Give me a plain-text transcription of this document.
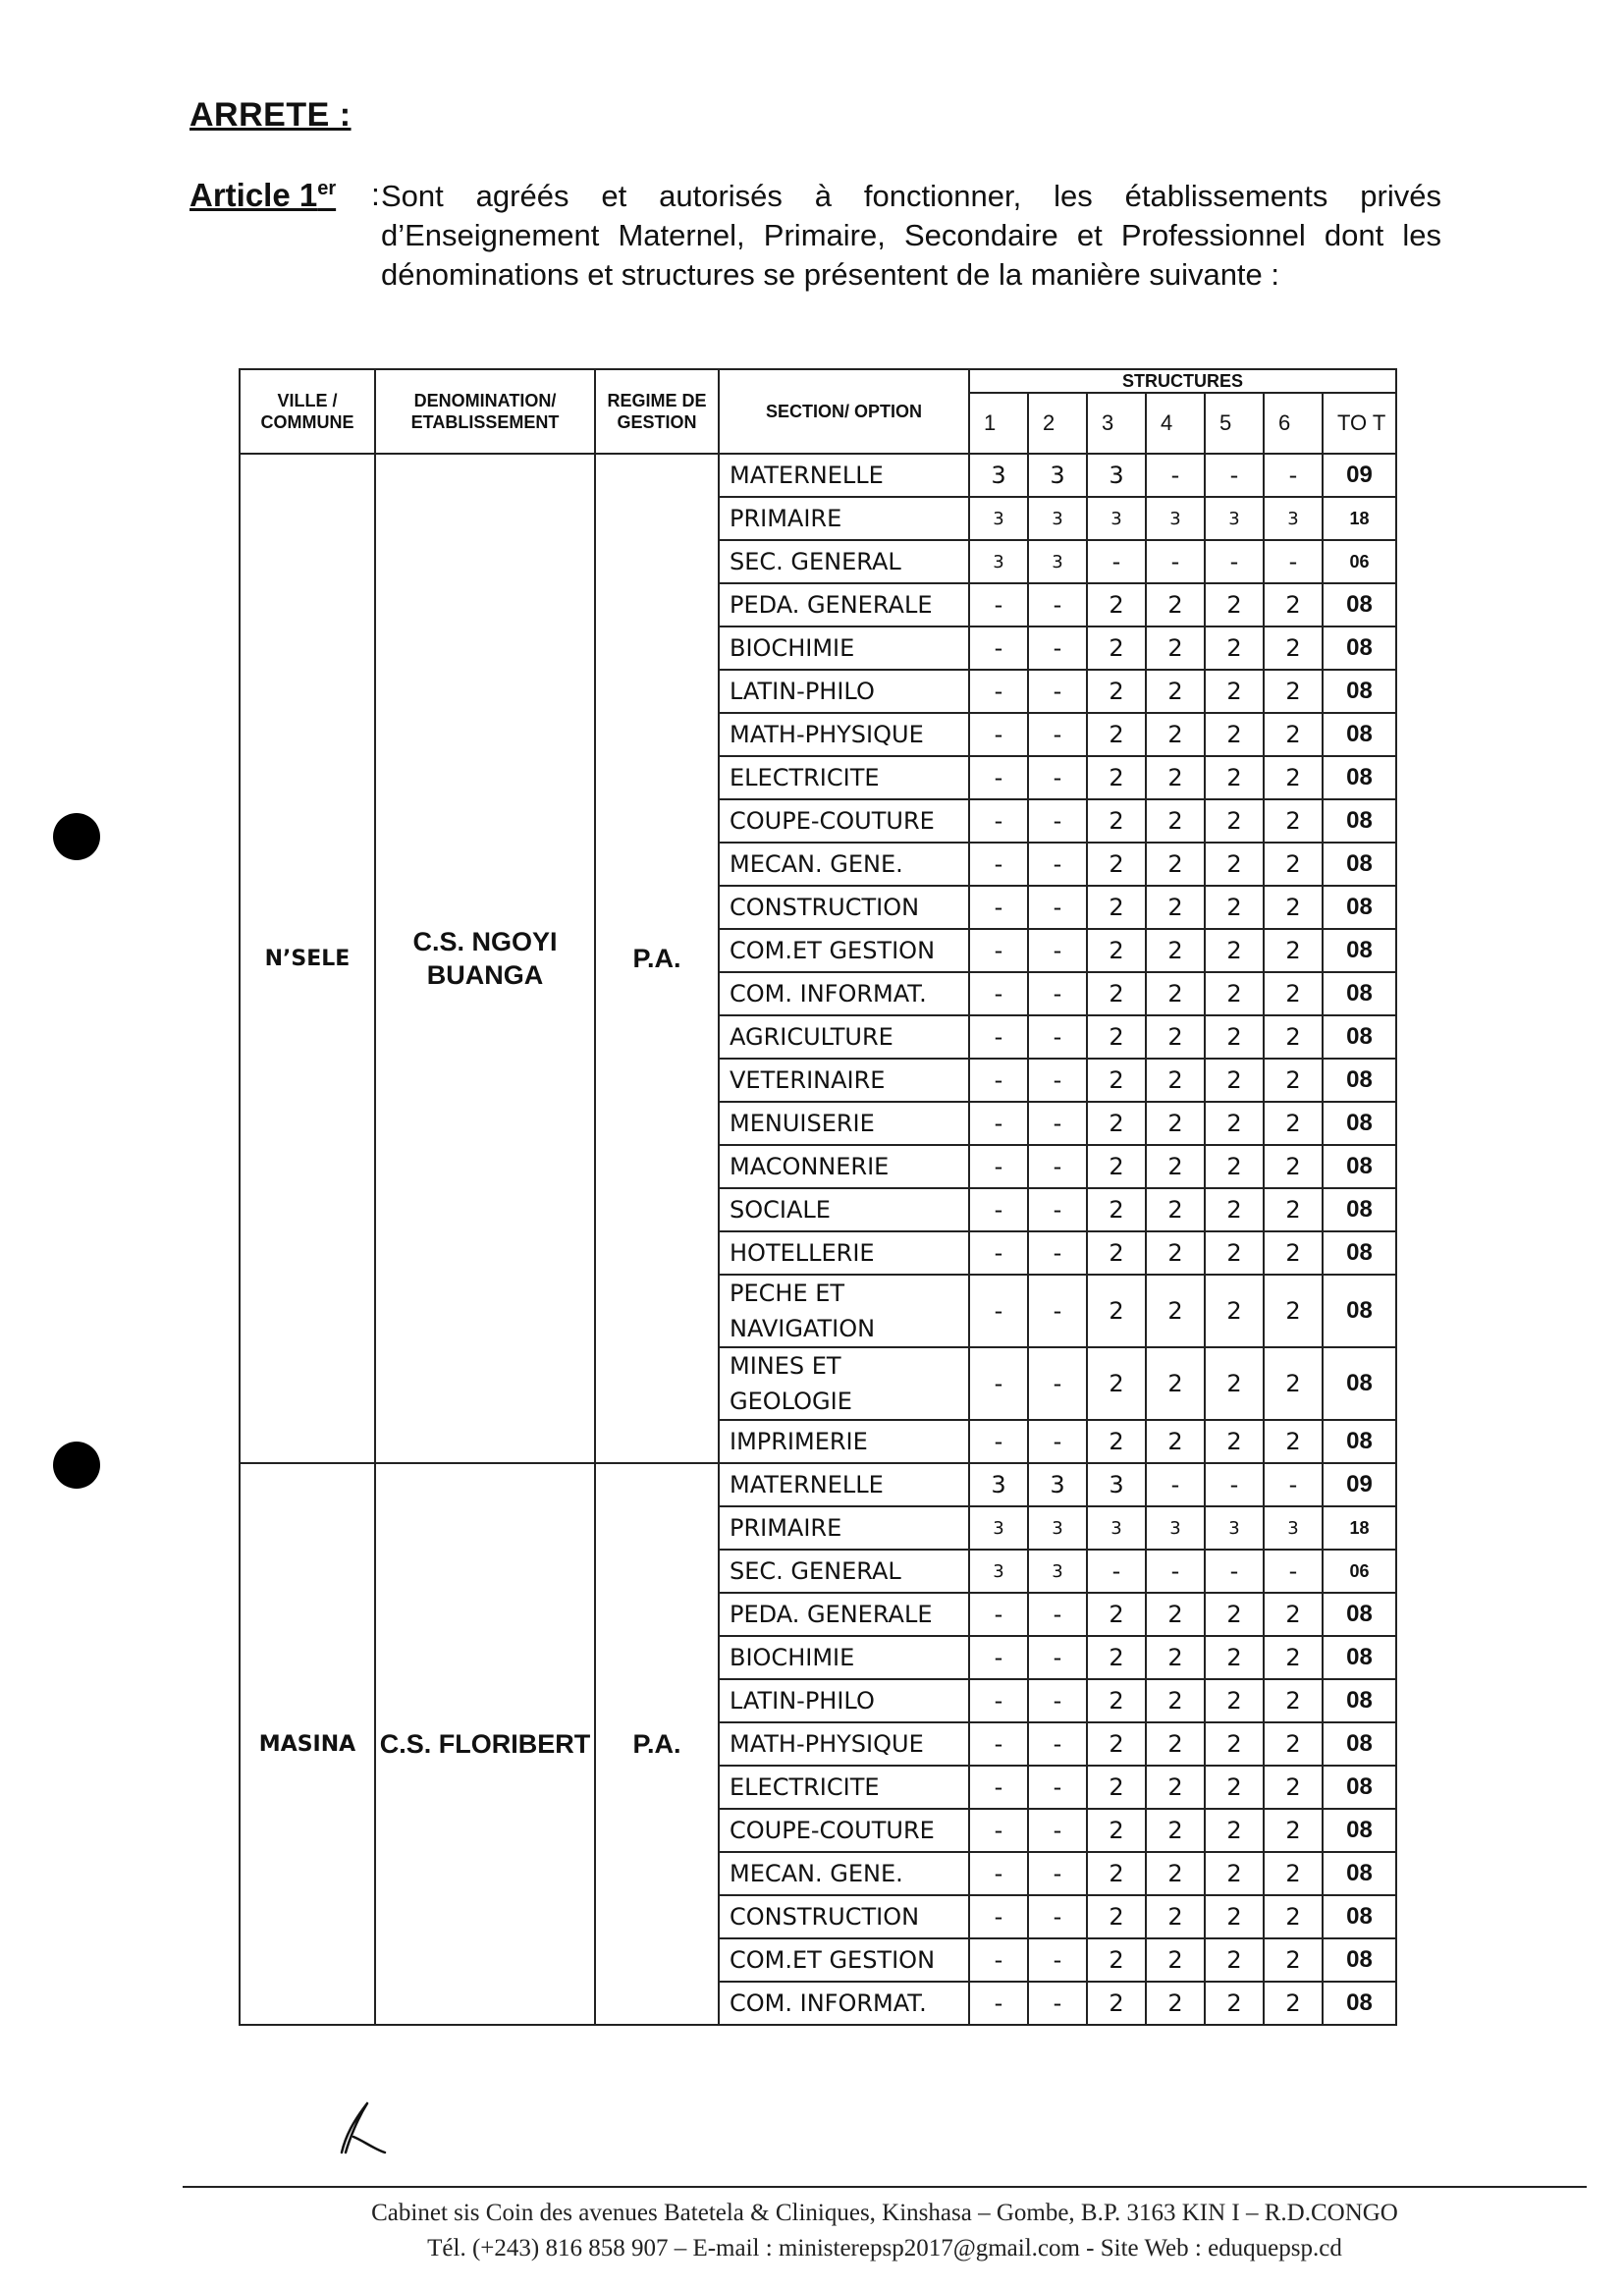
ARRETE :
Article 1er : Sont agréés et autorisés à fonctionner, les établissements privés d’Enseignement Maternel, Primaire, Secondaire et Professionnel dont les dénominations et structures se présentent de la manière suivante :
VILLE / COMMUNE	DENOMINATION/ ETABLISSEMENT	REGIME DE GESTION	SECTION/ OPTION	STRUCTURES						
				1	2	3	4	5	6	TO T
N’SELE	C.S. NGOYI BUANGA	P.A.	MATERNELLE	3	3	3	-	-	-	09
			PRIMAIRE	3	3	3	3	3	3	18
			SEC. GENERAL	3	3	-	-	-	-	06
			PEDA. GENERALE	-	-	2	2	2	2	08
			BIOCHIMIE	-	-	2	2	2	2	08
			LATIN-PHILO	-	-	2	2	2	2	08
			MATH-PHYSIQUE	-	-	2	2	2	2	08
			ELECTRICITE	-	-	2	2	2	2	08
			COUPE-COUTURE	-	-	2	2	2	2	08
			MECAN. GENE.	-	-	2	2	2	2	08
			CONSTRUCTION	-	-	2	2	2	2	08
			COM.ET GESTION	-	-	2	2	2	2	08
			COM. INFORMAT.	-	-	2	2	2	2	08
			AGRICULTURE	-	-	2	2	2	2	08
			VETERINAIRE	-	-	2	2	2	2	08
			MENUISERIE	-	-	2	2	2	2	08
			MACONNERIE	-	-	2	2	2	2	08
			SOCIALE	-	-	2	2	2	2	08
			HOTELLERIE	-	-	2	2	2	2	08
			PECHE ET NAVIGATION	-	-	2	2	2	2	08
			MINES ET GEOLOGIE	-	-	2	2	2	2	08
			IMPRIMERIE	-	-	2	2	2	2	08
MASINA	C.S. FLORIBERT	P.A.	MATERNELLE	3	3	3	-	-	-	09
			PRIMAIRE	3	3	3	3	3	3	18
			SEC. GENERAL	3	3	-	-	-	-	06
			PEDA. GENERALE	-	-	2	2	2	2	08
			BIOCHIMIE	-	-	2	2	2	2	08
			LATIN-PHILO	-	-	2	2	2	2	08
			MATH-PHYSIQUE	-	-	2	2	2	2	08
			ELECTRICITE	-	-	2	2	2	2	08
			COUPE-COUTURE	-	-	2	2	2	2	08
			MECAN. GENE.	-	-	2	2	2	2	08
			CONSTRUCTION	-	-	2	2	2	2	08
			COM.ET GESTION	-	-	2	2	2	2	08
			COM. INFORMAT.	-	-	2	2	2	2	08
Cabinet sis Coin des avenues Batetela & Cliniques, Kinshasa – Gombe, B.P. 3163 KIN I – R.D.CONGO
Tél. (+243) 816 858 907 – E-mail : ministerepsp2017@gmail.com - Site Web : eduquepsp.cd
